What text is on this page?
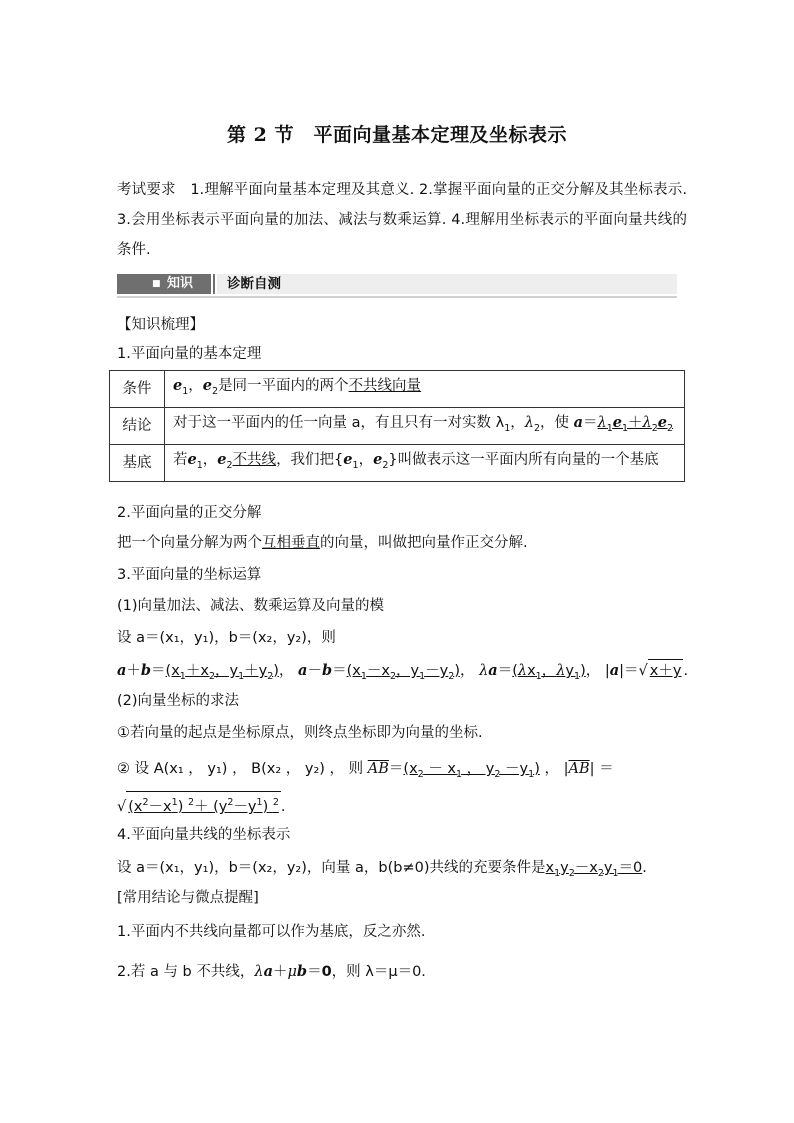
第 2 节　平面向量基本定理及坐标表示
考试要求　1.理解平面向量基本定理及其意义. 2.掌握平面向量的正交分解及其坐标表示. 3.会用坐标表示平面向量的加法、减法与数乘运算. 4.理解用坐标表示的平面向量共线的条件.
■ 知识	诊断自测
【知识梳理】
1.平面向量的基本定理
条件	$e_1$，$e_2$是同一平面内的两个不共线向量
结论	对于这一平面内的任一向量 a，有且只有一对实数 $\lambda_1$，$\lambda_2$，使 $a=\lambda_1e_1+\lambda_2e_2$
基底	若$e_1$，$e_2$不共线，我们把{$e_1$，$e_2$}叫做表示这一平面内所有向量的一个基底
2.平面向量的正交分解
把一个向量分解为两个互相垂直的向量，叫做把向量作正交分解.
3.平面向量的坐标运算
(1)向量加法、减法、数乘运算及向量的模
设 a＝(x₁，y₁)，b＝(x₂，y₂)，则
$a+b=(x_1+x_2$，$y_1+y_2$)， $a-b=(x_1-x_2$，$y_1-y_2$)， $\lambda a=(\lambda x_1$，$\lambda y_1$)， |a|＝√ x＋y .
(2)向量坐标的求法
①若向量的起点是坐标原点，则终点坐标即为向量的坐标.
② 设 A(x₁ ， y₁) ， B(x₂ ， y₂) ， 则 $\overline{AB}=(x_2 - x_1$ ， $y_2 -y_1$) ， $|\overline{AB}|$ ＝
$√(x^2-x^1)$ $^2+ (y^2-y^1)$ $^2$ .
4.平面向量共线的坐标表示
设 a＝(x₁，y₁)，b＝(x₂，y₂)，向量 a，b(b≠0)共线的充要条件是$x_1y_2-x_2y_1=0$.
[常用结论与微点提醒]
1.平面内不共线向量都可以作为基底，反之亦然.
2.若 a 与 b 不共线，λa＋μb＝0，则 λ＝μ＝0.
